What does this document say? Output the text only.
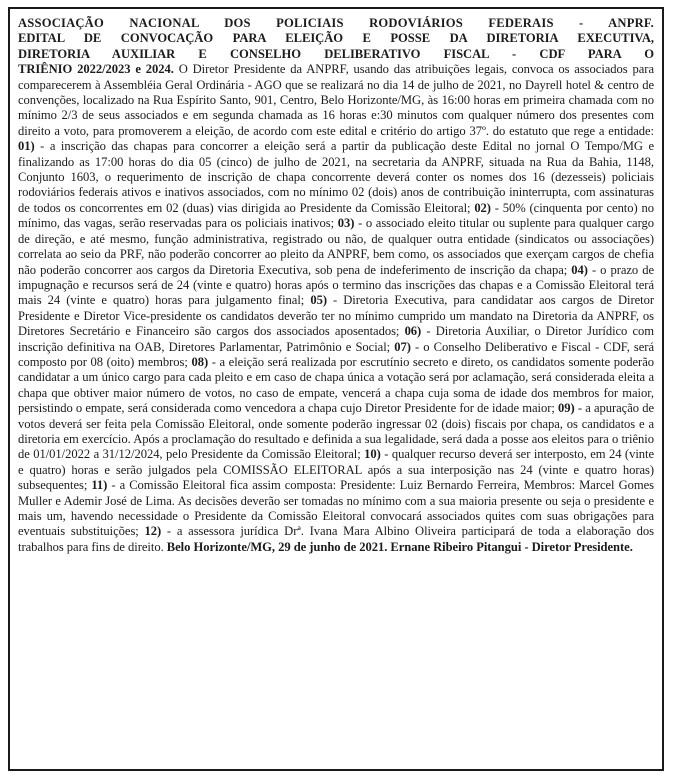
ASSOCIAÇÃO NACIONAL DOS POLICIAIS RODOVIÁRIOS FEDERAIS - ANPRF.
EDITAL DE CONVOCAÇÃO PARA ELEIÇÃO E POSSE DA DIRETORIA EXECUTIVA,
DIRETORIA AUXILIAR E CONSELHO DELIBERATIVO FISCAL - CDF PARA O
TRIÊNIO 2022/2023 e 2024. O Diretor Presidente da ANPRF, usando das atribuições legais, convoca os associados para comparecerem à Assembléia Geral Ordinária - AGO que se realizará no dia 14 de julho de 2021, no Dayrell hotel & centro de convenções, localizado na Rua Espírito Santo, 901, Centro, Belo Horizonte/MG, às 16:00 horas em primeira chamada com no mínimo 2/3 de seus associados e em segunda chamada as 16 horas e:30 minutos com qualquer número dos presentes com direito a voto, para promoverem a eleição, de acordo com este edital e critério do artigo 37º. do estatuto que rege a entidade: 01) - a inscrição das chapas para concorrer a eleição será a partir da publicação deste Edital no jornal O Tempo/MG e finalizando as 17:00 horas do dia 05 (cinco) de julho de 2021, na secretaria da ANPRF, situada na Rua da Bahia, 1148, Conjunto 1603, o requerimento de inscrição de chapa concorrente deverá conter os nomes dos 16 (dezesseis) policiais rodoviários federais ativos e inativos associados, com no mínimo 02 (dois) anos de contribuição ininterrupta, com assinaturas de todos os concorrentes em 02 (duas) vias dirigida ao Presidente da Comissão Eleitoral; 02) - 50% (cinquenta por cento) no mínimo, das vagas, serão reservadas para os policiais inativos; 03) - o associado eleito titular ou suplente para qualquer cargo de direção, e até mesmo, função administrativa, registrado ou não, de qualquer outra entidade (sindicatos ou associações) correlata ao seio da PRF, não poderão concorrer ao pleito da ANPRF, bem como, os associados que exerçam cargos de chefia não poderão concorrer aos cargos da Diretoria Executiva, sob pena de indeferimento de inscrição da chapa; 04) - o prazo de impugnação e recursos será de 24 (vinte e quatro) horas após o termino das inscrições das chapas e a Comissão Eleitoral terá mais 24 (vinte e quatro) horas para julgamento final; 05) - Diretoria Executiva, para candidatar aos cargos de Diretor Presidente e Diretor Vice-presidente os candidatos deverão ter no mínimo cumprido um mandato na Diretoria da ANPRF, os Diretores Secretário e Financeiro são cargos dos associados aposentados; 06) - Diretoria Auxiliar, o Diretor Jurídico com inscrição definitiva na OAB, Diretores Parlamentar, Patrimônio e Social; 07) - o Conselho Deliberativo e Fiscal - CDF, será composto por 08 (oito) membros; 08) - a eleição será realizada por escrutínio secreto e direto, os candidatos somente poderão candidatar a um único cargo para cada pleito e em caso de chapa única a votação será por aclamação, será considerada eleita a chapa que obtiver maior número de votos, no caso de empate, vencerá a chapa cuja soma de idade dos membros for maior, persistindo o empate, será considerada como vencedora a chapa cujo Diretor Presidente for de idade maior; 09) - a apuração de votos deverá ser feita pela Comissão Eleitoral, onde somente poderão ingressar 02 (dois) fiscais por chapa, os candidatos e a diretoria em exercício. Após a proclamação do resultado e definida a sua legalidade, será dada a posse aos eleitos para o triênio de 01/01/2022 a 31/12/2024, pelo Presidente da Comissão Eleitoral; 10) - qualquer recurso deverá ser interposto, em 24 (vinte e quatro) horas e serão julgados pela COMISSÃO ELEITORAL após a sua interposição nas 24 (vinte e quatro horas) subsequentes; 11) - a Comissão Eleitoral fica assim composta: Presidente: Luiz Bernardo Ferreira, Membros: Marcel Gomes Muller e Ademir José de Lima. As decisões deverão ser tomadas no mínimo com a sua maioria presente ou seja o presidente e mais um, havendo necessidade o Presidente da Comissão Eleitoral convocará associados quites com suas obrigações para eventuais substituições; 12) - a assessora jurídica Drª. Ivana Mara Albino Oliveira participará de toda a elaboração dos trabalhos para fins de direito. Belo Horizonte/MG, 29 de junho de 2021. Ernane Ribeiro Pitangui - Diretor Presidente.
